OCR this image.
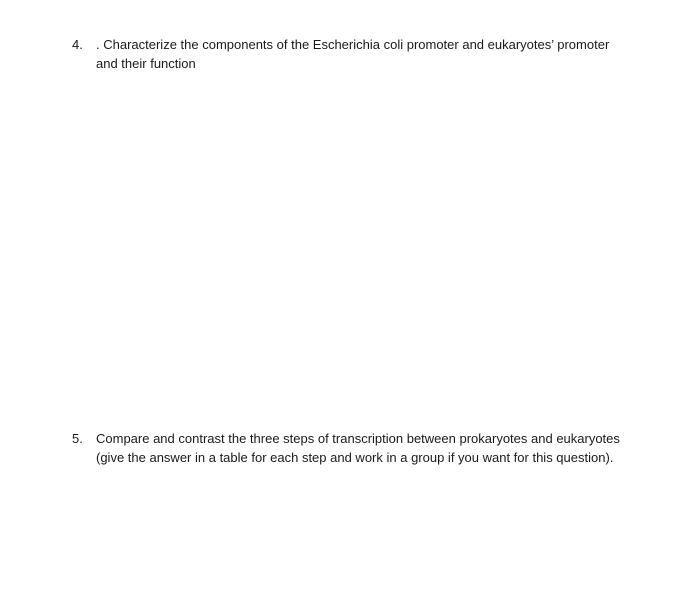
4.	. Characterize the components of the Escherichia coli promoter and eukaryotes’ promoter
and their function
5.	Compare and contrast the three steps of transcription between prokaryotes and eukaryotes
(give the answer in a table for each step and work in a group if you want for this question).
